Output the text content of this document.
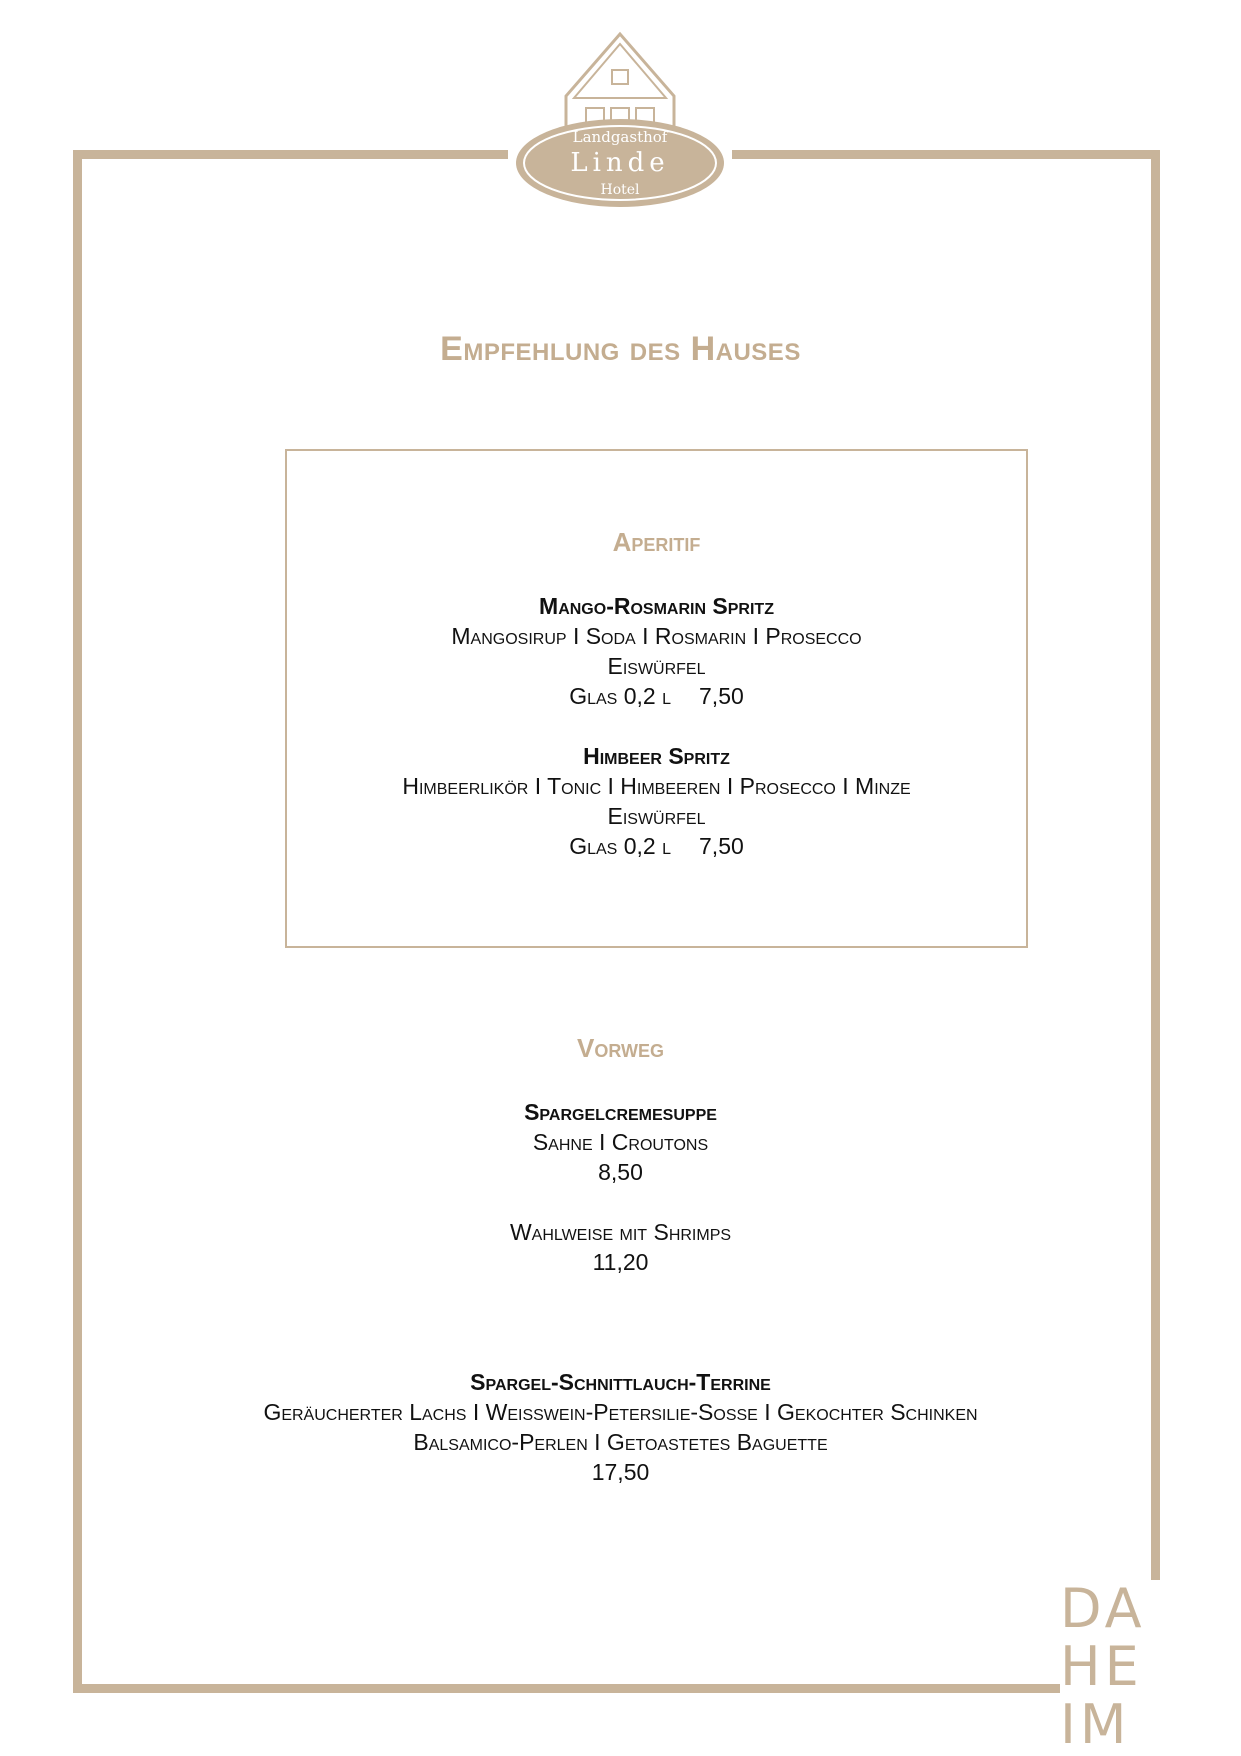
Landgasthof
Linde
Hotel
Empfehlung des Hauses
Aperitif
Mango-Rosmarin Spritz
Mangosirup I Soda I Rosmarin I Prosecco
Eiswürfel
Glas 0,2 l 7,50
Himbeer Spritz
Himbeerlikör I Tonic I Himbeeren I Prosecco I Minze
Eiswürfel
Glas 0,2 l 7,50
Vorweg
Spargelcremesuppe
Sahne I Croutons
8,50
Wahlweise mit Shrimps
11,20
Spargel-Schnittlauch-Terrine
Geräucherter Lachs I Weißwein-Petersilie-Soße I Gekochter Schinken
Balsamico-Perlen I Getoastetes Baguette
17,50
DA
HE
IM
